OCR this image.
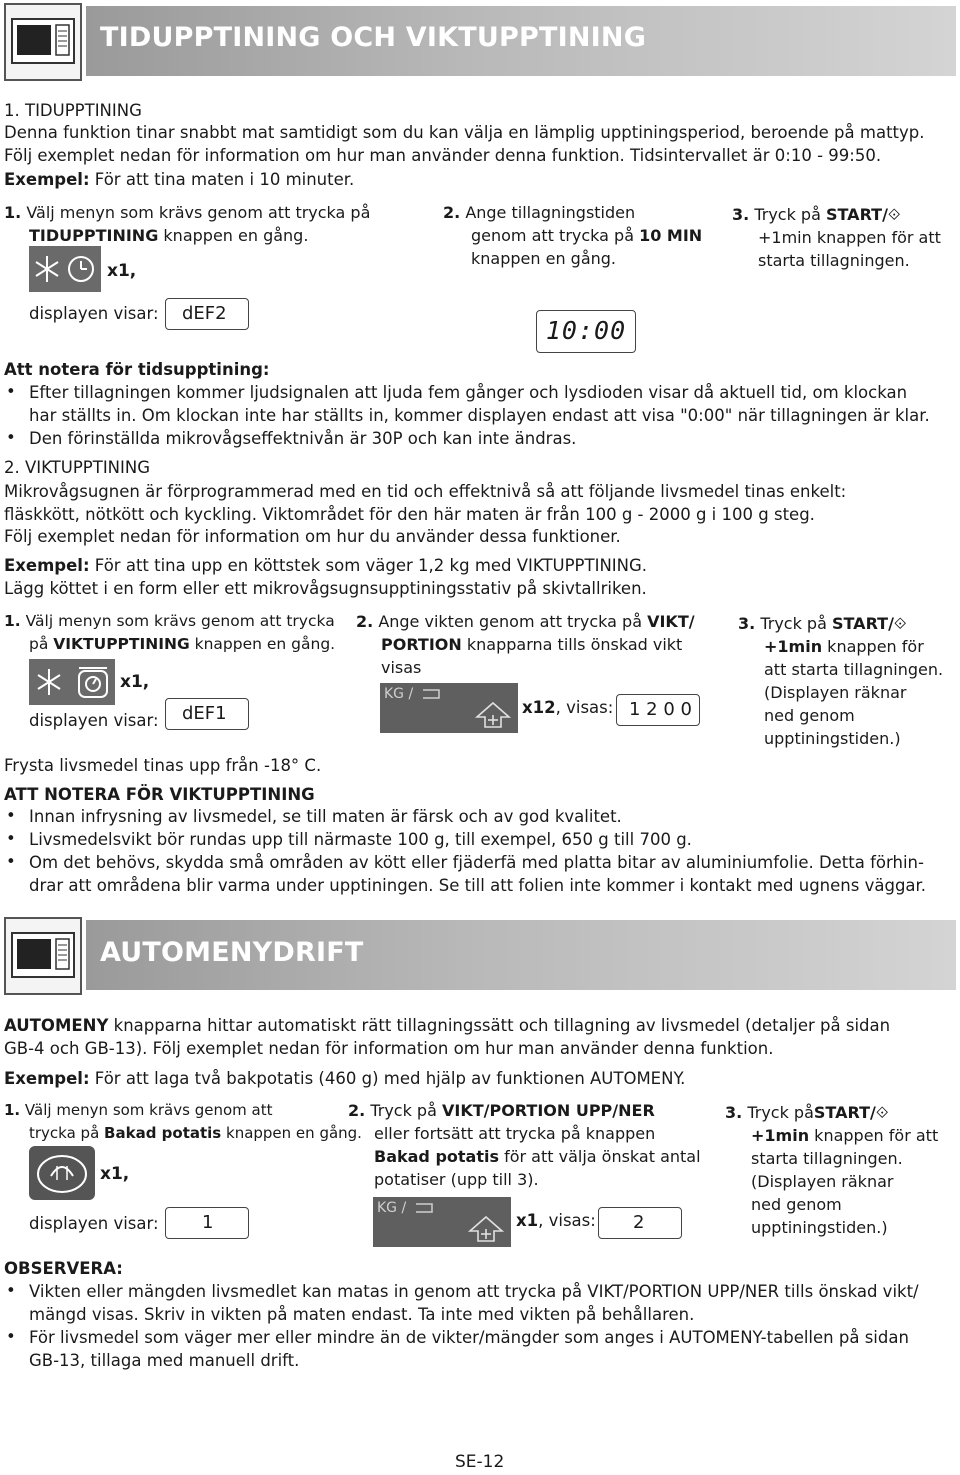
TIDUPPTINING OCH VIKTUPPTINING
1. TIDUPPTINING
Denna funktion tinar snabbt mat samtidigt som du kan välja en lämplig upptiningsperiod, beroende på mattyp.
Följ exemplet nedan för information om hur man använder denna funktion. Tidsintervallet är 0:10 - 99:50.
Exempel: För att tina maten i 10 minuter.
1. Välj menyn som krävs genom att trycka på
TIDUPPTINING knappen en gång.
x1,
displayen visar:	dEF2
2. Ange tillagningstiden
genom att trycka på 10 MIN
knappen en gång.
10:00
3. Tryck på START/⟐
+1min knappen för att
starta tillagningen.
Att notera för tidsupptining:
• Efter tillagningen kommer ljudsignalen att ljuda fem gånger och lysdioden visar då aktuell tid, om klockan
har ställts in. Om klockan inte har ställts in, kommer displayen endast att visa "0:00" när tillagningen är klar.
• Den förinställda mikrovågseffektnivån är 30P och kan inte ändras.
2. VIKTUPPTINING
Mikrovågsugnen är förprogrammerad med en tid och effektnivå så att följande livsmedel tinas enkelt:
fläskkött, nötkött och kyckling. Viktområdet för den här maten är från 100 g - 2000 g i 100 g steg.
Följ exemplet nedan för information om hur du använder dessa funktioner.
Exempel: För att tina upp en köttstek som väger 1,2 kg med VIKTUPPTINING.
Lägg köttet i en form eller ett mikrovågsugnsupptiningsstativ på skivtallriken.
1. Välj menyn som krävs genom att trycka
på VIKTUPPTINING knappen en gång.
x1,
displayen visar:	dEF1
2. Ange vikten genom att trycka på VIKT/
PORTION knapparna tills önskad vikt
visas
KG /
x12, visas: 1 2 0 0
3. Tryck på START/⟐
+1min knappen för
att starta tillagningen.
(Displayen räknar
ned genom
upptiningstiden.)
Frysta livsmedel tinas upp från -18° C.
ATT NOTERA FÖR VIKTUPPTINING
• Innan infrysning av livsmedel, se till maten är färsk och av god kvalitet.
• Livsmedelsvikt bör rundas upp till närmaste 100 g, till exempel, 650 g till 700 g.
• Om det behövs, skydda små områden av kött eller fjäderfä med platta bitar av aluminiumfolie. Detta förhin-
drar att områdena blir varma under upptiningen. Se till att folien inte kommer i kontakt med ugnens väggar.
AUTOMENYDRIFT
AUTOMENY knapparna hittar automatiskt rätt tillagningssätt och tillagning av livsmedel (detaljer på sidan
GB-4 och GB-13). Följ exemplet nedan för information om hur man använder denna funktion.
Exempel: För att laga två bakpotatis (460 g) med hjälp av funktionen AUTOMENY.
1. Välj menyn som krävs genom att
trycka på Bakad potatis knappen en gång.
x1,
displayen visar:	1
2. Tryck på VIKT/PORTION UPP/NER
eller fortsätt att trycka på knappen
Bakad potatis för att välja önskat antal
potatiser (upp till 3).
KG /
x1, visas:	2
3. Tryck påSTART/⟐
+1min knappen för att
starta tillagningen.
(Displayen räknar
ned genom
upptiningstiden.)
OBSERVERA:
• Vikten eller mängden livsmedlet kan matas in genom att trycka på VIKT/PORTION UPP/NER tills önskad vikt/
mängd visas. Skriv in vikten på maten endast. Ta inte med vikten på behållaren.
• För livsmedel som väger mer eller mindre än de vikter/mängder som anges i AUTOMENY-tabellen på sidan
GB-13, tillaga med manuell drift.
SE-12
